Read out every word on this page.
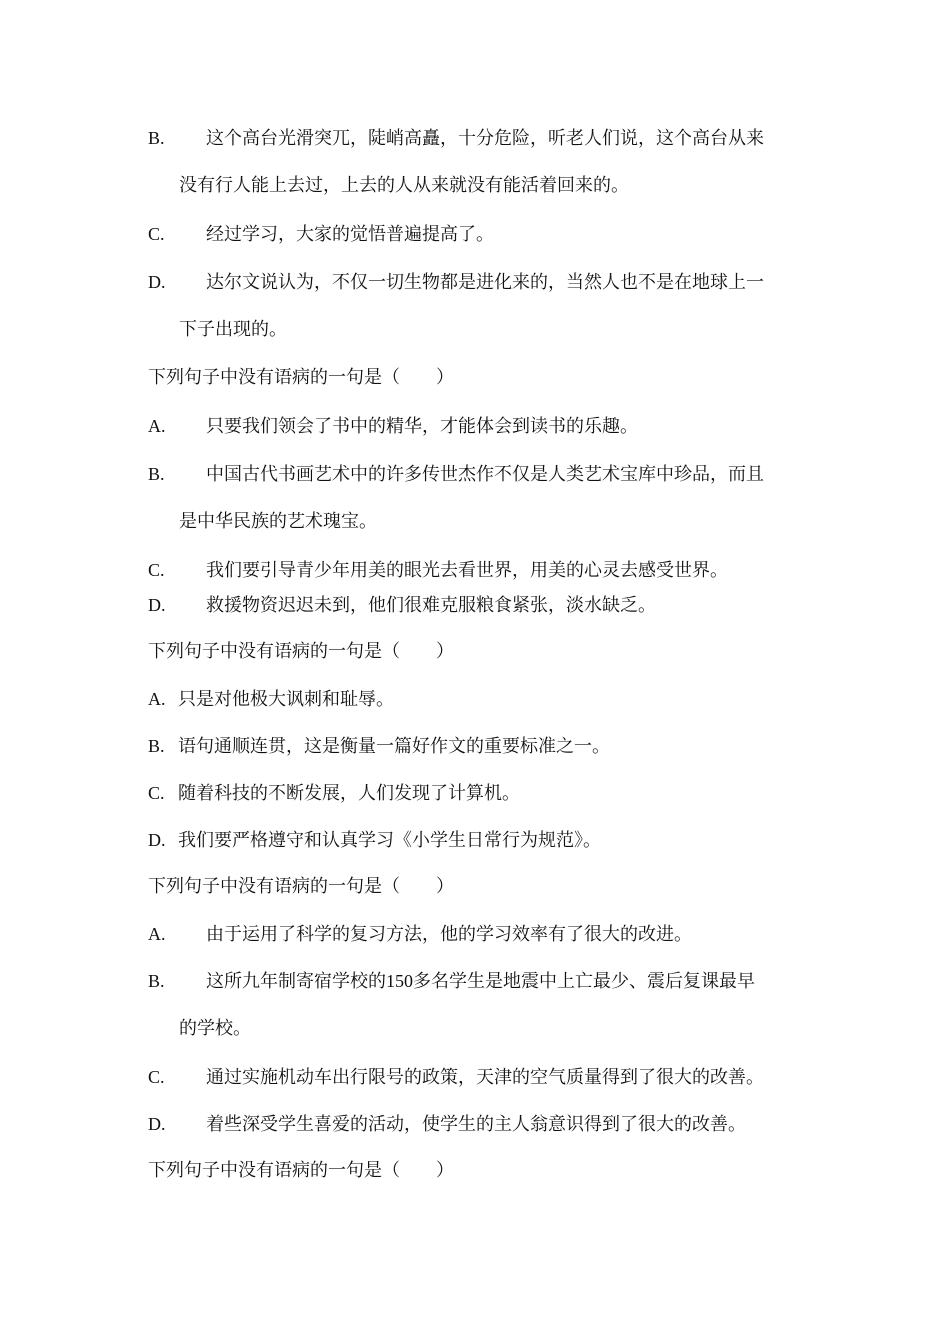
B. 这个高台光滑突兀，陡峭高矗，十分危险，听老人们说，这个高台从来
没有行人能上去过，上去的人从来就没有能活着回来的。
C. 经过学习，大家的觉悟普遍提高了。
D. 达尔文说认为，不仅一切生物都是进化来的，当然人也不是在地球上一
下子出现的。
下列句子中没有语病的一句是（　　）
A. 只要我们领会了书中的精华，才能体会到读书的乐趣。
B. 中国古代书画艺术中的许多传世杰作不仅是人类艺术宝库中珍品，而且
是中华民族的艺术瑰宝。
C. 我们要引导青少年用美的眼光去看世界，用美的心灵去感受世界。
D. 救援物资迟迟未到，他们很难克服粮食紧张，淡水缺乏。
下列句子中没有语病的一句是（　　）
A. 只是对他极大讽刺和耻辱。
B. 语句通顺连贯，这是衡量一篇好作文的重要标准之一。
C. 随着科技的不断发展，人们发现了计算机。
D. 我们要严格遵守和认真学习《小学生日常行为规范》。
下列句子中没有语病的一句是（　　）
A. 由于运用了科学的复习方法，他的学习效率有了很大的改进。
B. 这所九年制寄宿学校的150多名学生是地震中上亡最少、震后复课最早
的学校。
C. 通过实施机动车出行限号的政策，天津的空气质量得到了很大的改善。
D. 着些深受学生喜爱的活动，使学生的主人翁意识得到了很大的改善。
下列句子中没有语病的一句是（　　）
